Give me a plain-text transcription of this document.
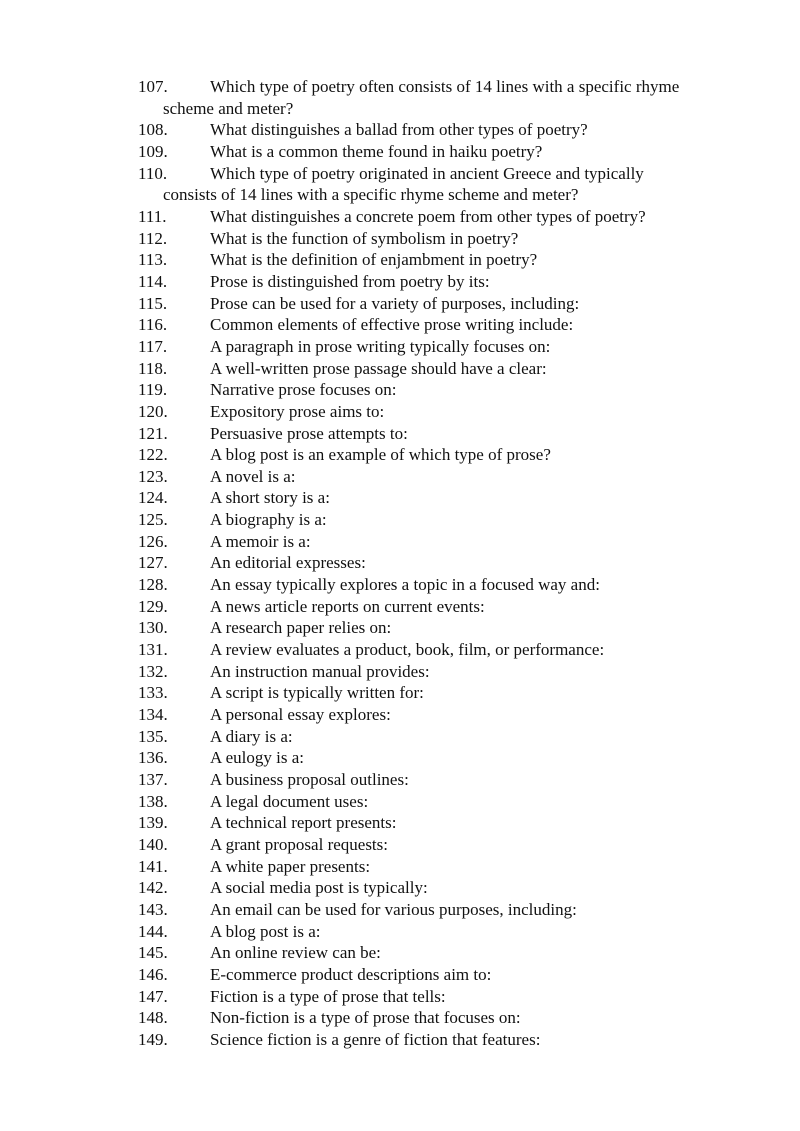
107.	Which type of poetry often consists of 14 lines with a specific rhyme
scheme and meter?
108.	What distinguishes a ballad from other types of poetry?
109.	What is a common theme found in haiku poetry?
110.	Which type of poetry originated in ancient Greece and typically
consists of 14 lines with a specific rhyme scheme and meter?
111.	What distinguishes a concrete poem from other types of poetry?
112.	What is the function of symbolism in poetry?
113.	What is the definition of enjambment in poetry?
114.	Prose is distinguished from poetry by its:
115.	Prose can be used for a variety of purposes, including:
116.	Common elements of effective prose writing include:
117.	A paragraph in prose writing typically focuses on:
118.	A well-written prose passage should have a clear:
119.	Narrative prose focuses on:
120.	Expository prose aims to:
121.	Persuasive prose attempts to:
122.	A blog post is an example of which type of prose?
123.	A novel is a:
124.	A short story is a:
125.	A biography is a:
126.	A memoir is a:
127.	An editorial expresses:
128.	An essay typically explores a topic in a focused way and:
129.	A news article reports on current events:
130.	A research paper relies on:
131.	A review evaluates a product, book, film, or performance:
132.	An instruction manual provides:
133.	A script is typically written for:
134.	A personal essay explores:
135.	A diary is a:
136.	A eulogy is a:
137.	A business proposal outlines:
138.	A legal document uses:
139.	A technical report presents:
140.	A grant proposal requests:
141.	A white paper presents:
142.	A social media post is typically:
143.	An email can be used for various purposes, including:
144.	A blog post is a:
145.	An online review can be:
146.	E-commerce product descriptions aim to:
147.	Fiction is a type of prose that tells:
148.	Non-fiction is a type of prose that focuses on:
149.	Science fiction is a genre of fiction that features:
